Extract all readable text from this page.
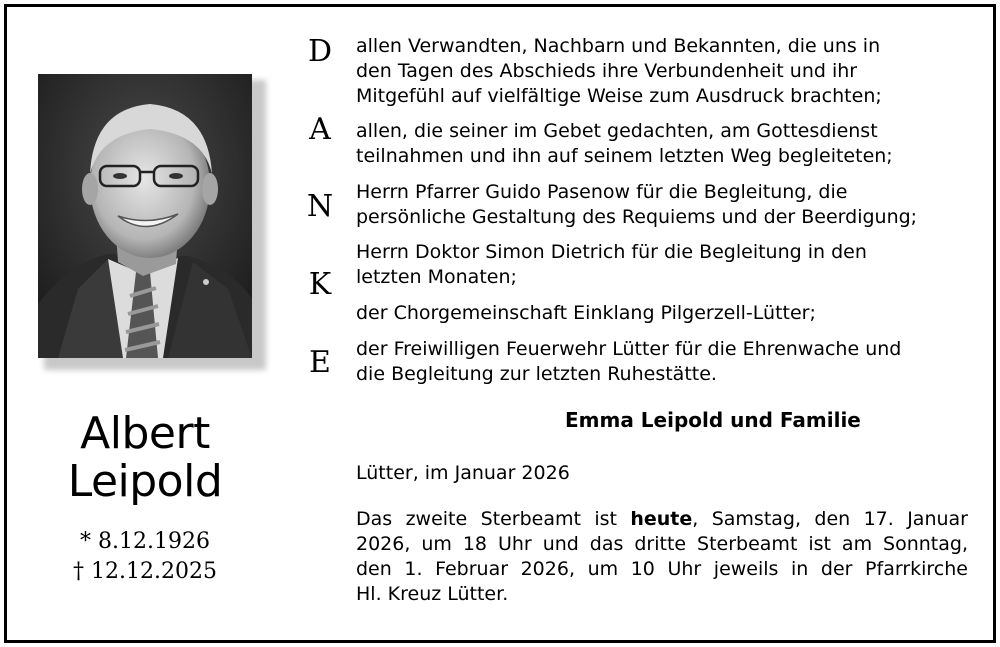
Albert
Leipold
* 8.12.1926
† 12.12.2025
D
A
N
K
E
allen Verwandten, Nachbarn und Bekannten, die uns in
den Tagen des Abschieds ihre Verbundenheit und ihr
Mitgefühl auf vielfältige Weise zum Ausdruck brachten;
allen, die seiner im Gebet gedachten, am Gottesdienst
teilnahmen und ihn auf seinem letzten Weg begleiteten;
Herrn Pfarrer Guido Pasenow für die Begleitung, die
persönliche Gestaltung des Requiems und der Beerdigung;
Herrn Doktor Simon Dietrich für die Begleitung in den
letzten Monaten;
der Chorgemeinschaft Einklang Pilgerzell-Lütter;
der Freiwilligen Feuerwehr Lütter für die Ehrenwache und
die Begleitung zur letzten Ruhestätte.
Emma Leipold und Familie
Lütter, im Januar 2026
Das zweite Sterbeamt ist heute, Samstag, den 17. Januar
2026, um 18 Uhr und das dritte Sterbeamt ist am Sonntag,
den 1. Februar 2026, um 10 Uhr jeweils in der Pfarrkirche
Hl. Kreuz Lütter.
